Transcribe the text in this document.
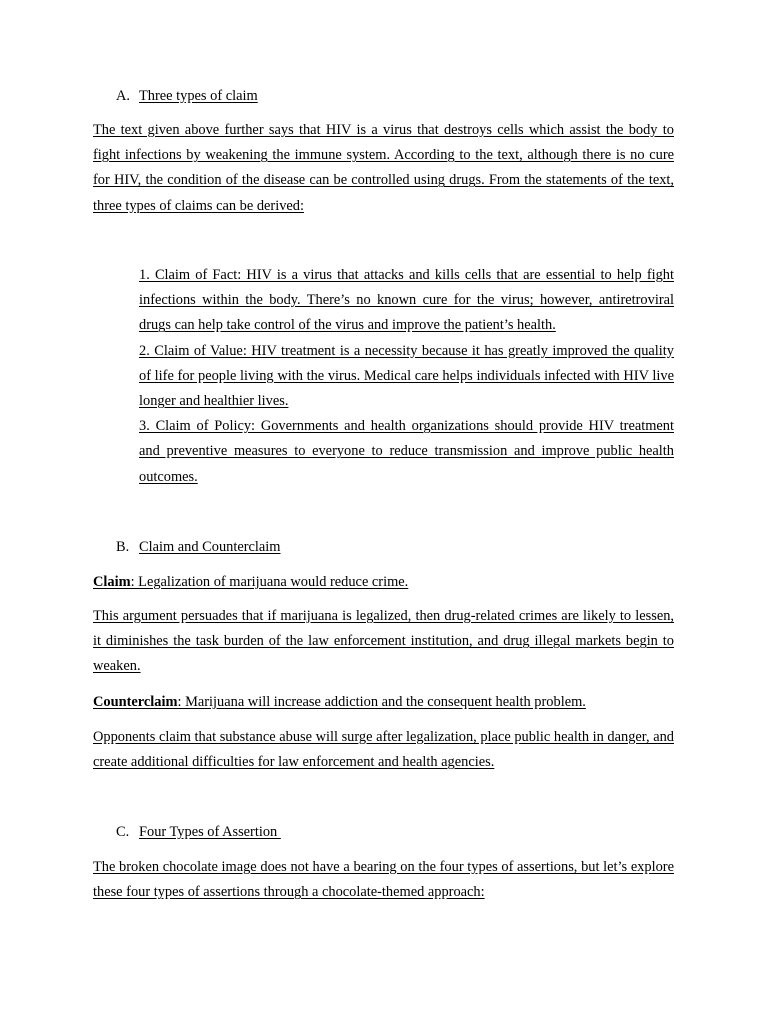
A. Three types of claim
The text given above further says that HIV is a virus that destroys cells which assist the body to fight infections by weakening the immune system. According to the text, although there is no cure for HIV, the condition of the disease can be controlled using drugs. From the statements of the text, three types of claims can be derived:

1. Claim of Fact: HIV is a virus that attacks and kills cells that are essential to help fight infections within the body. There’s no known cure for the virus; however, antiretroviral drugs can help take control of the virus and improve the patient’s health.

2. Claim of Value: HIV treatment is a necessity because it has greatly improved the quality of life for people living with the virus. Medical care helps individuals infected with HIV live longer and healthier lives.

3. Claim of Policy: Governments and health organizations should provide HIV treatment and preventive measures to everyone to reduce transmission and improve public health outcomes.

B. Claim and Counterclaim
Claim: Legalization of marijuana would reduce crime.
This argument persuades that if marijuana is legalized, then drug-related crimes are likely to lessen, it diminishes the task burden of the law enforcement institution, and drug illegal markets begin to weaken.
Counterclaim: Marijuana will increase addiction and the consequent health problem.
Opponents claim that substance abuse will surge after legalization, place public health in danger, and create additional difficulties for law enforcement and health agencies.
C. Four Types of Assertion
The broken chocolate image does not have a bearing on the four types of assertions, but let’s explore these four types of assertions through a chocolate-themed approach:
